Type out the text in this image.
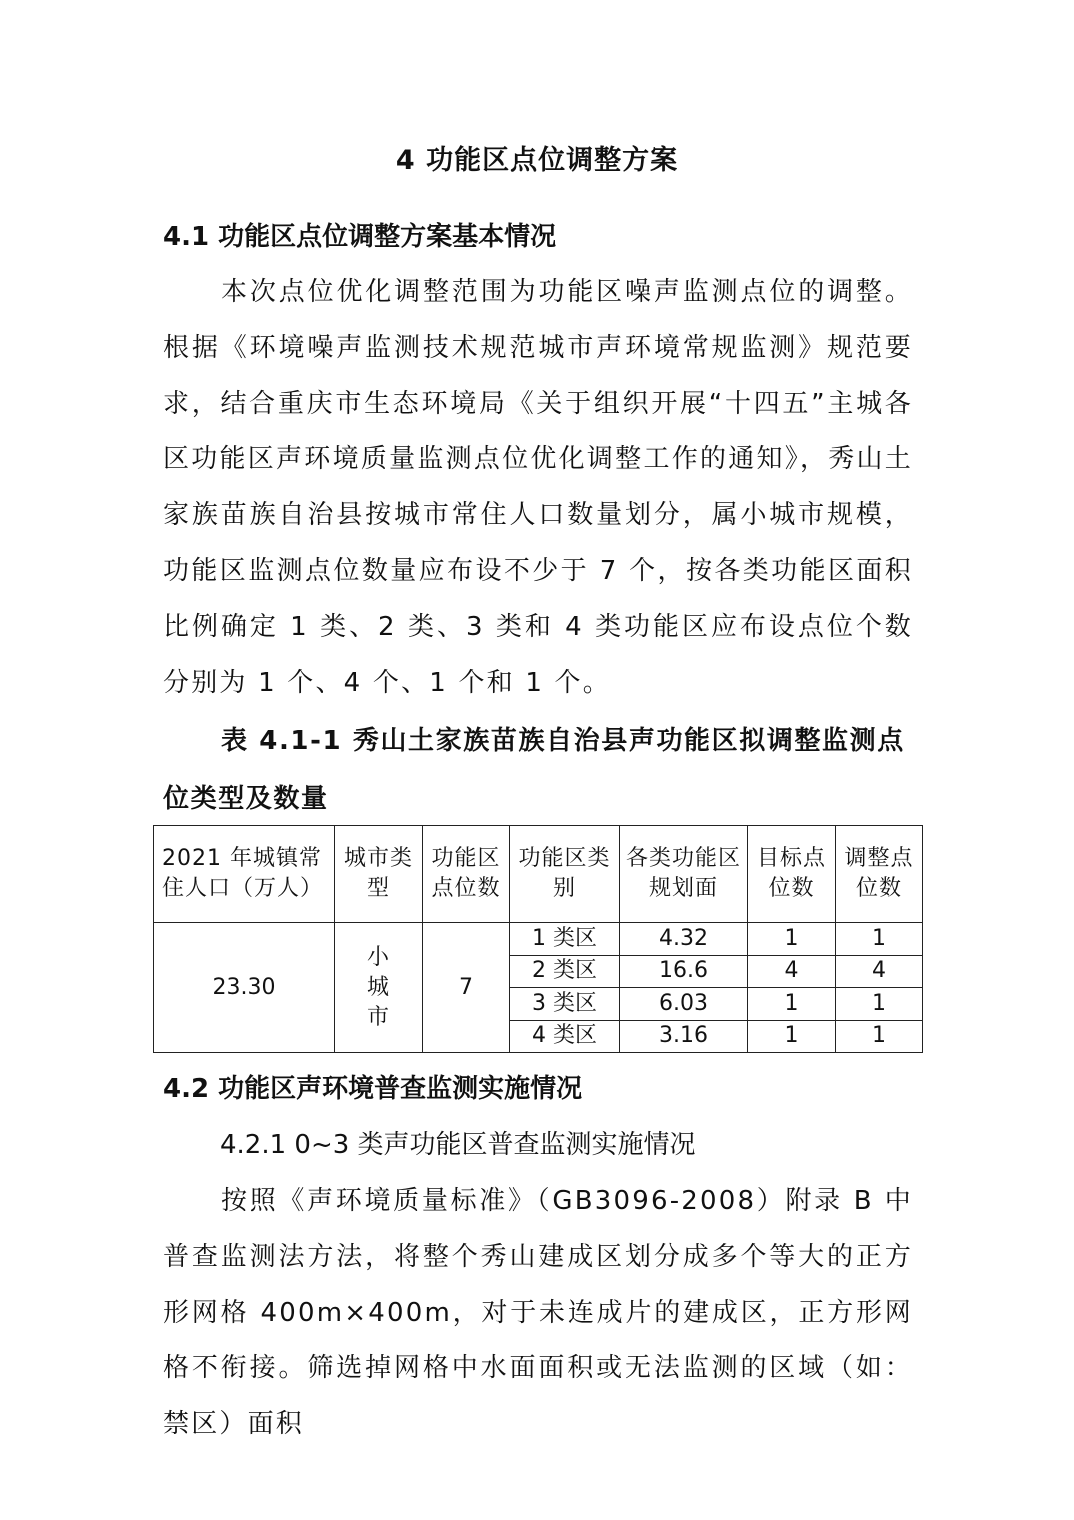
4 功能区点位调整方案
4.1 功能区点位调整方案基本情况

本次点位优化调整范围为功能区噪声监测点位的调整。根据《环境噪声监测技术规范城市声环境常规监测》规范要求，结合重庆市生态环境局《关于组织开展“十四五”主城各区功能区声环境质量监测点位优化调整工作的通知》，秀山土家族苗族自治县按城市常住人口数量划分，属小城市规模，功能区监测点位数量应布设不少于 7 个，按各类功能区面积比例确定 1 类、2 类、3 类和 4 类功能区应布设点位个数分别为 1 个、4 个、1 个和 1 个。

表 4.1-1 秀山土家族苗族自治县声功能区拟调整监测点位类型及数量

2021 年城镇常住人口（万人）	城市类型	功能区点位数	功能区类别	各类功能区规划面	目标点位数	调整点位数
23.30	小城市	7	1 类区	4.32	1	1
			2 类区	16.6	4	4
			3 类区	6.03	1	1
			4 类区	3.16	1	1
4.2 功能区声环境普查监测实施情况
4.2.1 0~3 类声功能区普查监测实施情况

按照《声环境质量标准》（GB3096-2008）附录 B 中普查监测法方法，将整个秀山建成区划分成多个等大的正方形网格 400m×400m，对于未连成片的建成区，正方形网格不衔接。筛选掉网格中水面面积或无法监测的区域（如：禁区）面积
